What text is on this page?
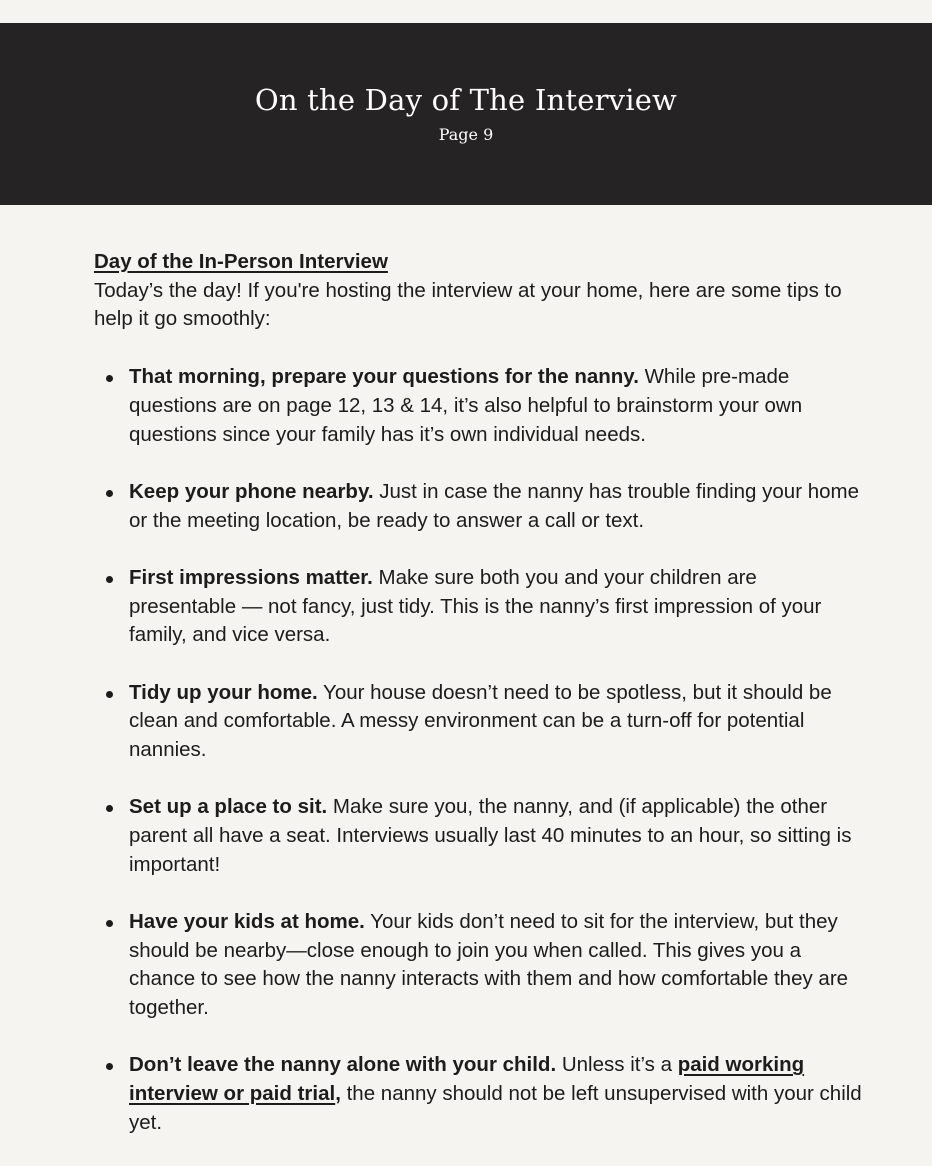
On the Day of The Interview
Page 9

Day of the In-Person Interview

Today’s the day! If you're hosting the interview at your home, here are some tips to help it go smoothly:

That morning, prepare your questions for the nanny. While pre-made questions are on page 12, 13 & 14, it’s also helpful to brainstorm your own questions since your family has it’s own individual needs.
Keep your phone nearby. Just in case the nanny has trouble finding your home or the meeting location, be ready to answer a call or text.
First impressions matter. Make sure both you and your children are presentable — not fancy, just tidy. This is the nanny’s first impression of your family, and vice versa.
Tidy up your home. Your house doesn’t need to be spotless, but it should be clean and comfortable. A messy environment can be a turn-off for potential nannies.
Set up a place to sit. Make sure you, the nanny, and (if applicable) the other parent all have a seat. Interviews usually last 40 minutes to an hour, so sitting is important!
Have your kids at home. Your kids don’t need to sit for the interview, but they should be nearby—close enough to join you when called. This gives you a chance to see how the nanny interacts with them and how comfortable they are together.
Don’t leave the nanny alone with your child. Unless it’s a paid working interview or paid trial, the nanny should not be left unsupervised with your child yet.
